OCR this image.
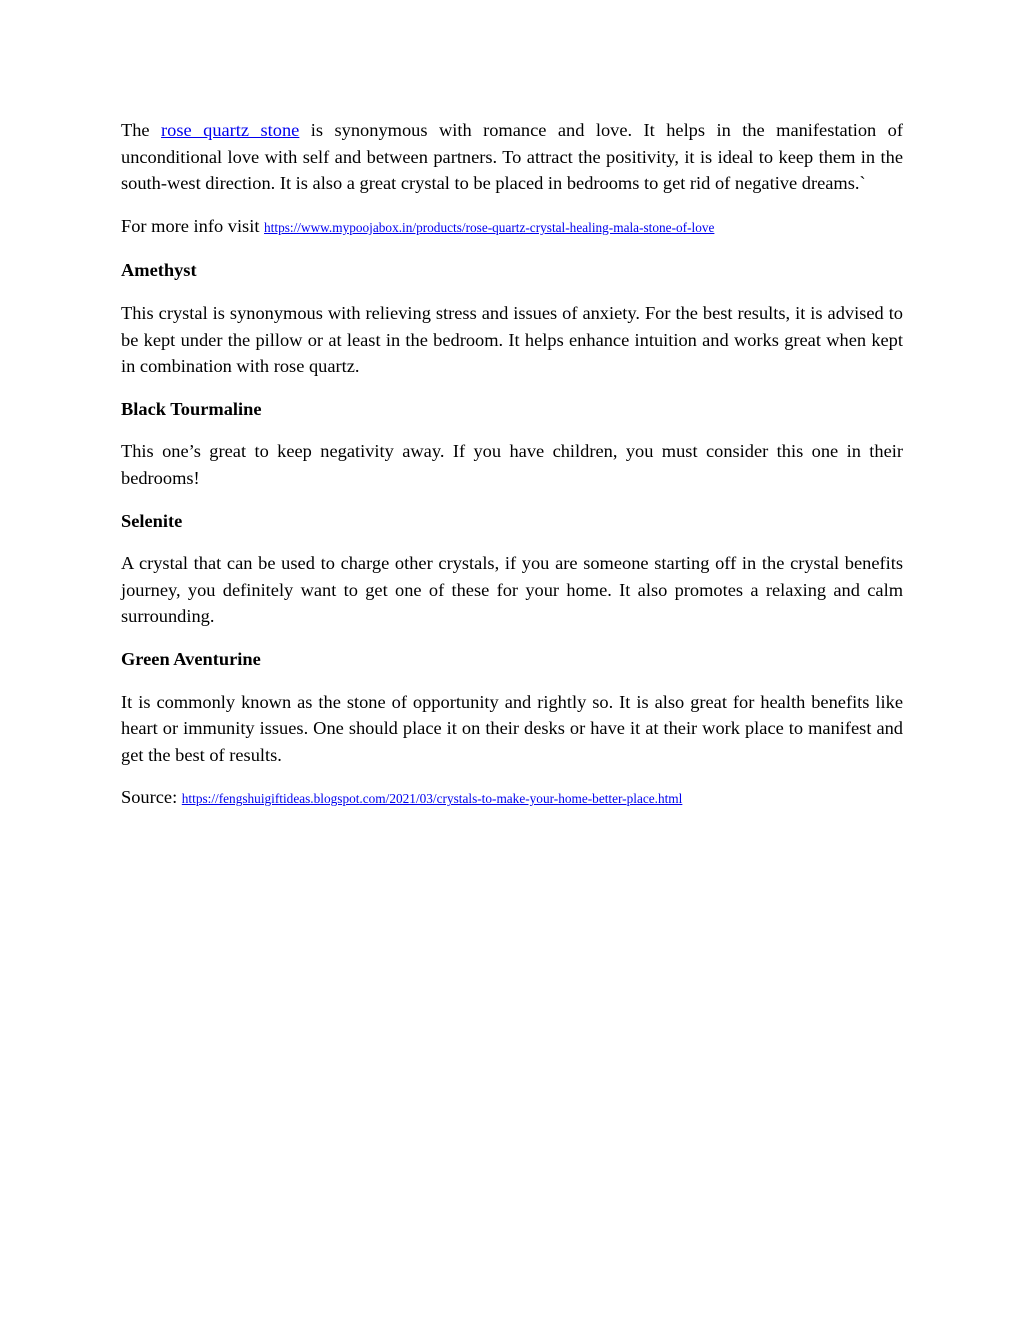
The rose quartz stone is synonymous with romance and love. It helps in the manifestation of unconditional love with self and between partners. To attract the positivity, it is ideal to keep them in the south-west direction. It is also a great crystal to be placed in bedrooms to get rid of negative dreams.`

For more info visit https://www.mypoojabox.in/products/rose-quartz-crystal-healing-mala-stone-of-love

Amethyst

This crystal is synonymous with relieving stress and issues of anxiety. For the best results, it is advised to be kept under the pillow or at least in the bedroom. It helps enhance intuition and works great when kept in combination with rose quartz.

Black Tourmaline

This one’s great to keep negativity away. If you have children, you must consider this one in their bedrooms!

Selenite

A crystal that can be used to charge other crystals, if you are someone starting off in the crystal benefits journey, you definitely want to get one of these for your home. It also promotes a relaxing and calm surrounding.

Green Aventurine

It is commonly known as the stone of opportunity and rightly so. It is also great for health benefits like heart or immunity issues. One should place it on their desks or have it at their work place to manifest and get the best of results.

Source: https://fengshuigiftideas.blogspot.com/2021/03/crystals-to-make-your-home-better-place.html
